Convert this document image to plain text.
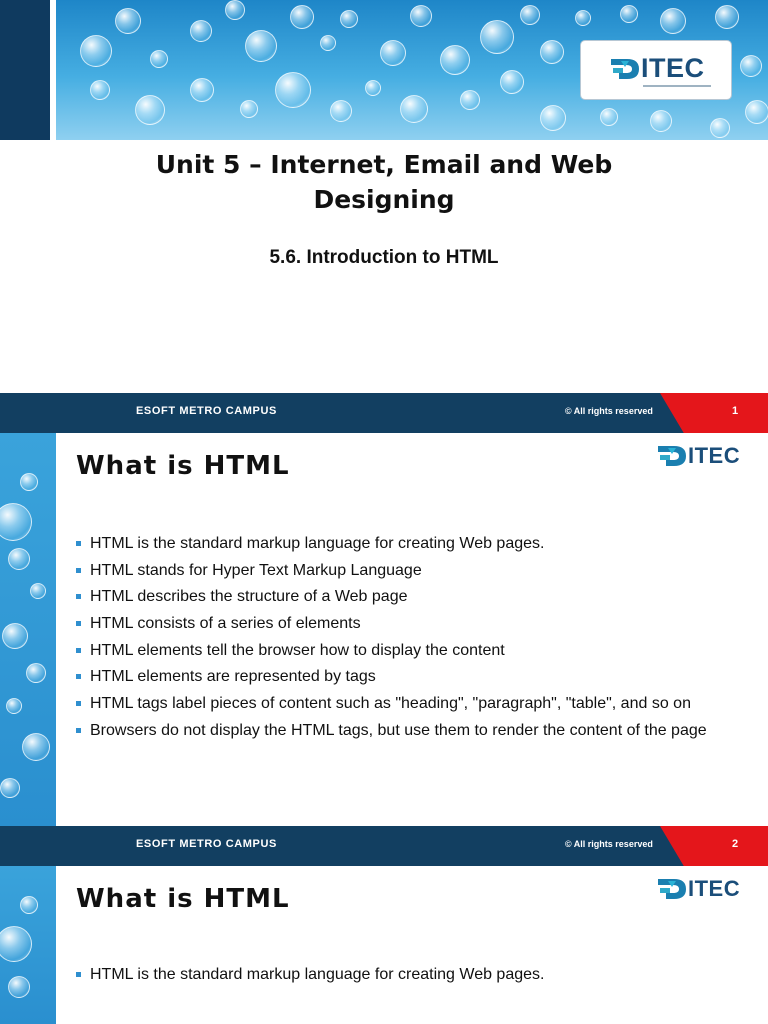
ITEC
Unit 5 – Internet, Email and Web Designing
5.6. Introduction to HTML
ESOFT METRO CAMPUS	© All rights reserved	1
What is HTML	ITEC
HTML is the standard markup language for creating Web pages.
HTML stands for Hyper Text Markup Language
HTML describes the structure of a Web page
HTML consists of a series of elements
HTML elements tell the browser how to display the content
HTML elements are represented by tags
HTML tags label pieces of content such as "heading", "paragraph", "table", and so on
Browsers do not display the HTML tags, but use them to render the content of the page
ESOFT METRO CAMPUS	© All rights reserved	2
What is HTML	ITEC
HTML is the standard markup language for creating Web pages.
